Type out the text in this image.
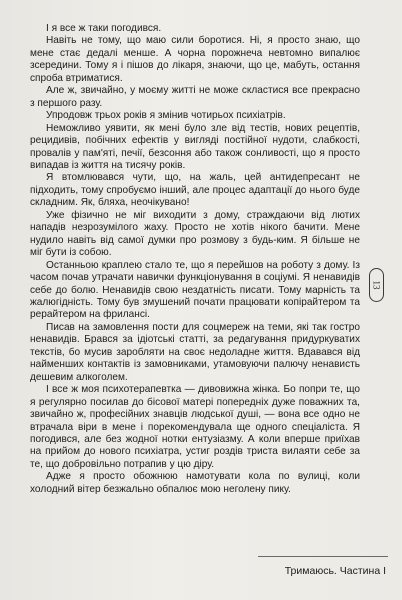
І я все ж таки погодився.

Навіть не тому, що маю сили боротися. Ні, я просто знаю, що мене стає дедалі менше. А чорна порожнеча невтомно випалює зсередини. Тому я і пішов до лікаря, знаючи, що це, мабуть, остання спроба втриматися.

Але ж, звичайно, у моєму житті не може скластися все прекрасно з першого разу.

Упродовж трьох років я змінив чотирьох психіатрів.

Неможливо уявити, як мені було зле від тестів, нових рецептів, рецидивів, побічних ефектів у вигляді постійної нудоти, слабкості, провалів у пам'яті, печії, безсоння або також сонливості, що я просто випадав із життя на тисячу років.

Я втомлювався чути, що, на жаль, цей антидепресант не підходить, тому спробуємо інший, але процес адаптації до нього буде складним. Як, бляха, неочікувано!

Уже фізично не міг виходити з дому, страждаючи від лютих нападів незрозумілого жаху. Просто не хотів нікого бачити. Мене нудило навіть від самої думки про розмову з будь-ким. Я більше не міг бути із собою.

Останньою краплею стало те, що я перейшов на роботу з дому. Із часом почав утрачати навички функціонування в соціумі. Я ненавидів себе до болю. Ненавидів свою нездатність писати. Тому марність та жалюгідність. Тому був змушений почати працювати копірайтером та рерайтером на фрилансі.

Писав на замовлення пости для соцмереж на теми, які так гостро ненавидів. Брався за ідіотські статті, за редагування придуркуватих текстів, бо мусив заробляти на своє недоладне життя. Вдавався від найменших контактів із замовниками, утамовуючи палючу ненависть дешевим алкоголем.

І все ж моя психотерапевтка — дивовижна жінка. Бо попри те, що я регулярно посилав до бісової матері попередніх дуже поважних та, звичайно ж, професійних знавців людської душі, — вона все одно не втрачала віри в мене і порекомендувала ще одного спеціаліста. Я погодився, але без жодної нотки ентузіазму. А коли вперше приїхав на прийом до нового психіатра, устиг роздів триста вилаяти себе за те, що добровільно потрапив у цю діру.

Адже я просто обожнюю намотувати кола по вулиці, коли холодний вітер безжально обпалює мою неголену пику.

13
Тримаюсь. Частина І
